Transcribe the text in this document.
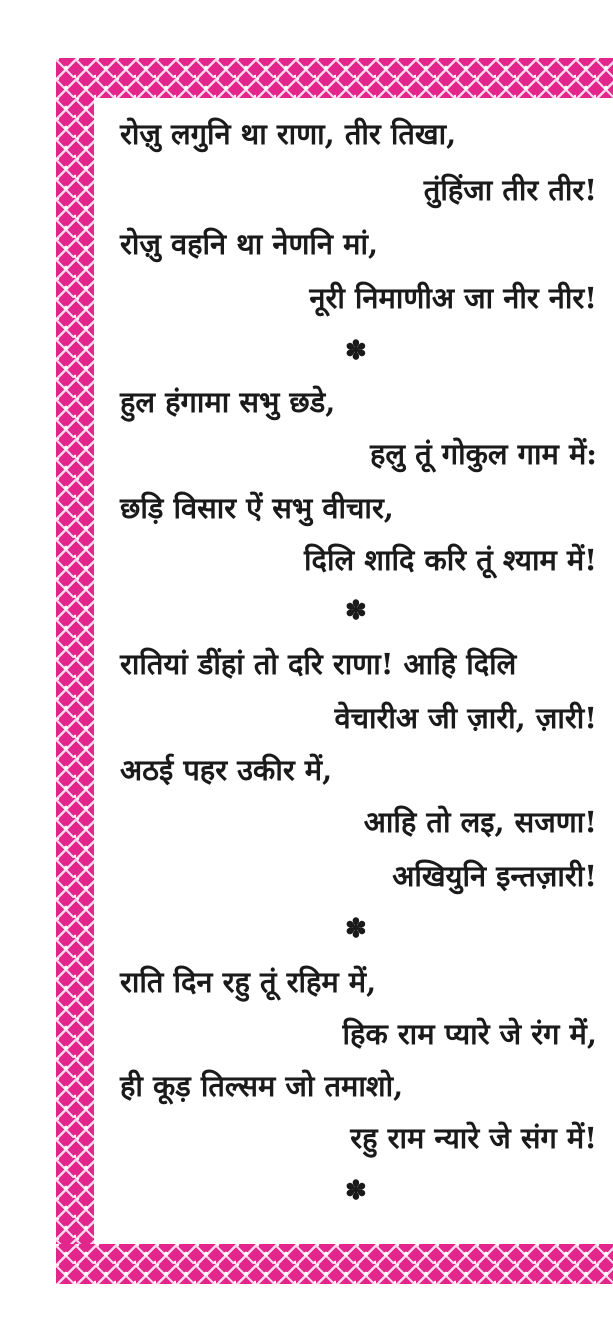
रोज़ु लगुनि था राणा, तीर तिखा,
तुंहिंजा तीर तीर!
रोज़ु वहनि था नेणनि मां,
नूरी निमाणीअ जा नीर नीर!
✽
हुल हंगामा सभु छडे,
हलु तूं गोकुल गाम में:
छड़ि विसार ऐं सभु वीचार,
दिलि शादि करि तूं श्याम में!
✽
रातियां डींहां तो दरि राणा! आहि दिलि
वेचारीअ जी ज़ारी, ज़ारी!
अठई पहर उकीर में,
आहि तो लइ, सजणा!
अखियुनि इन्तज़ारी!
✽
राति दिन रहु तूं रहिम में,
हिक राम प्यारे जे रंग में,
ही कूड़ तिल्सम जो तमाशो,
रहु राम न्यारे जे संग में!
✽
